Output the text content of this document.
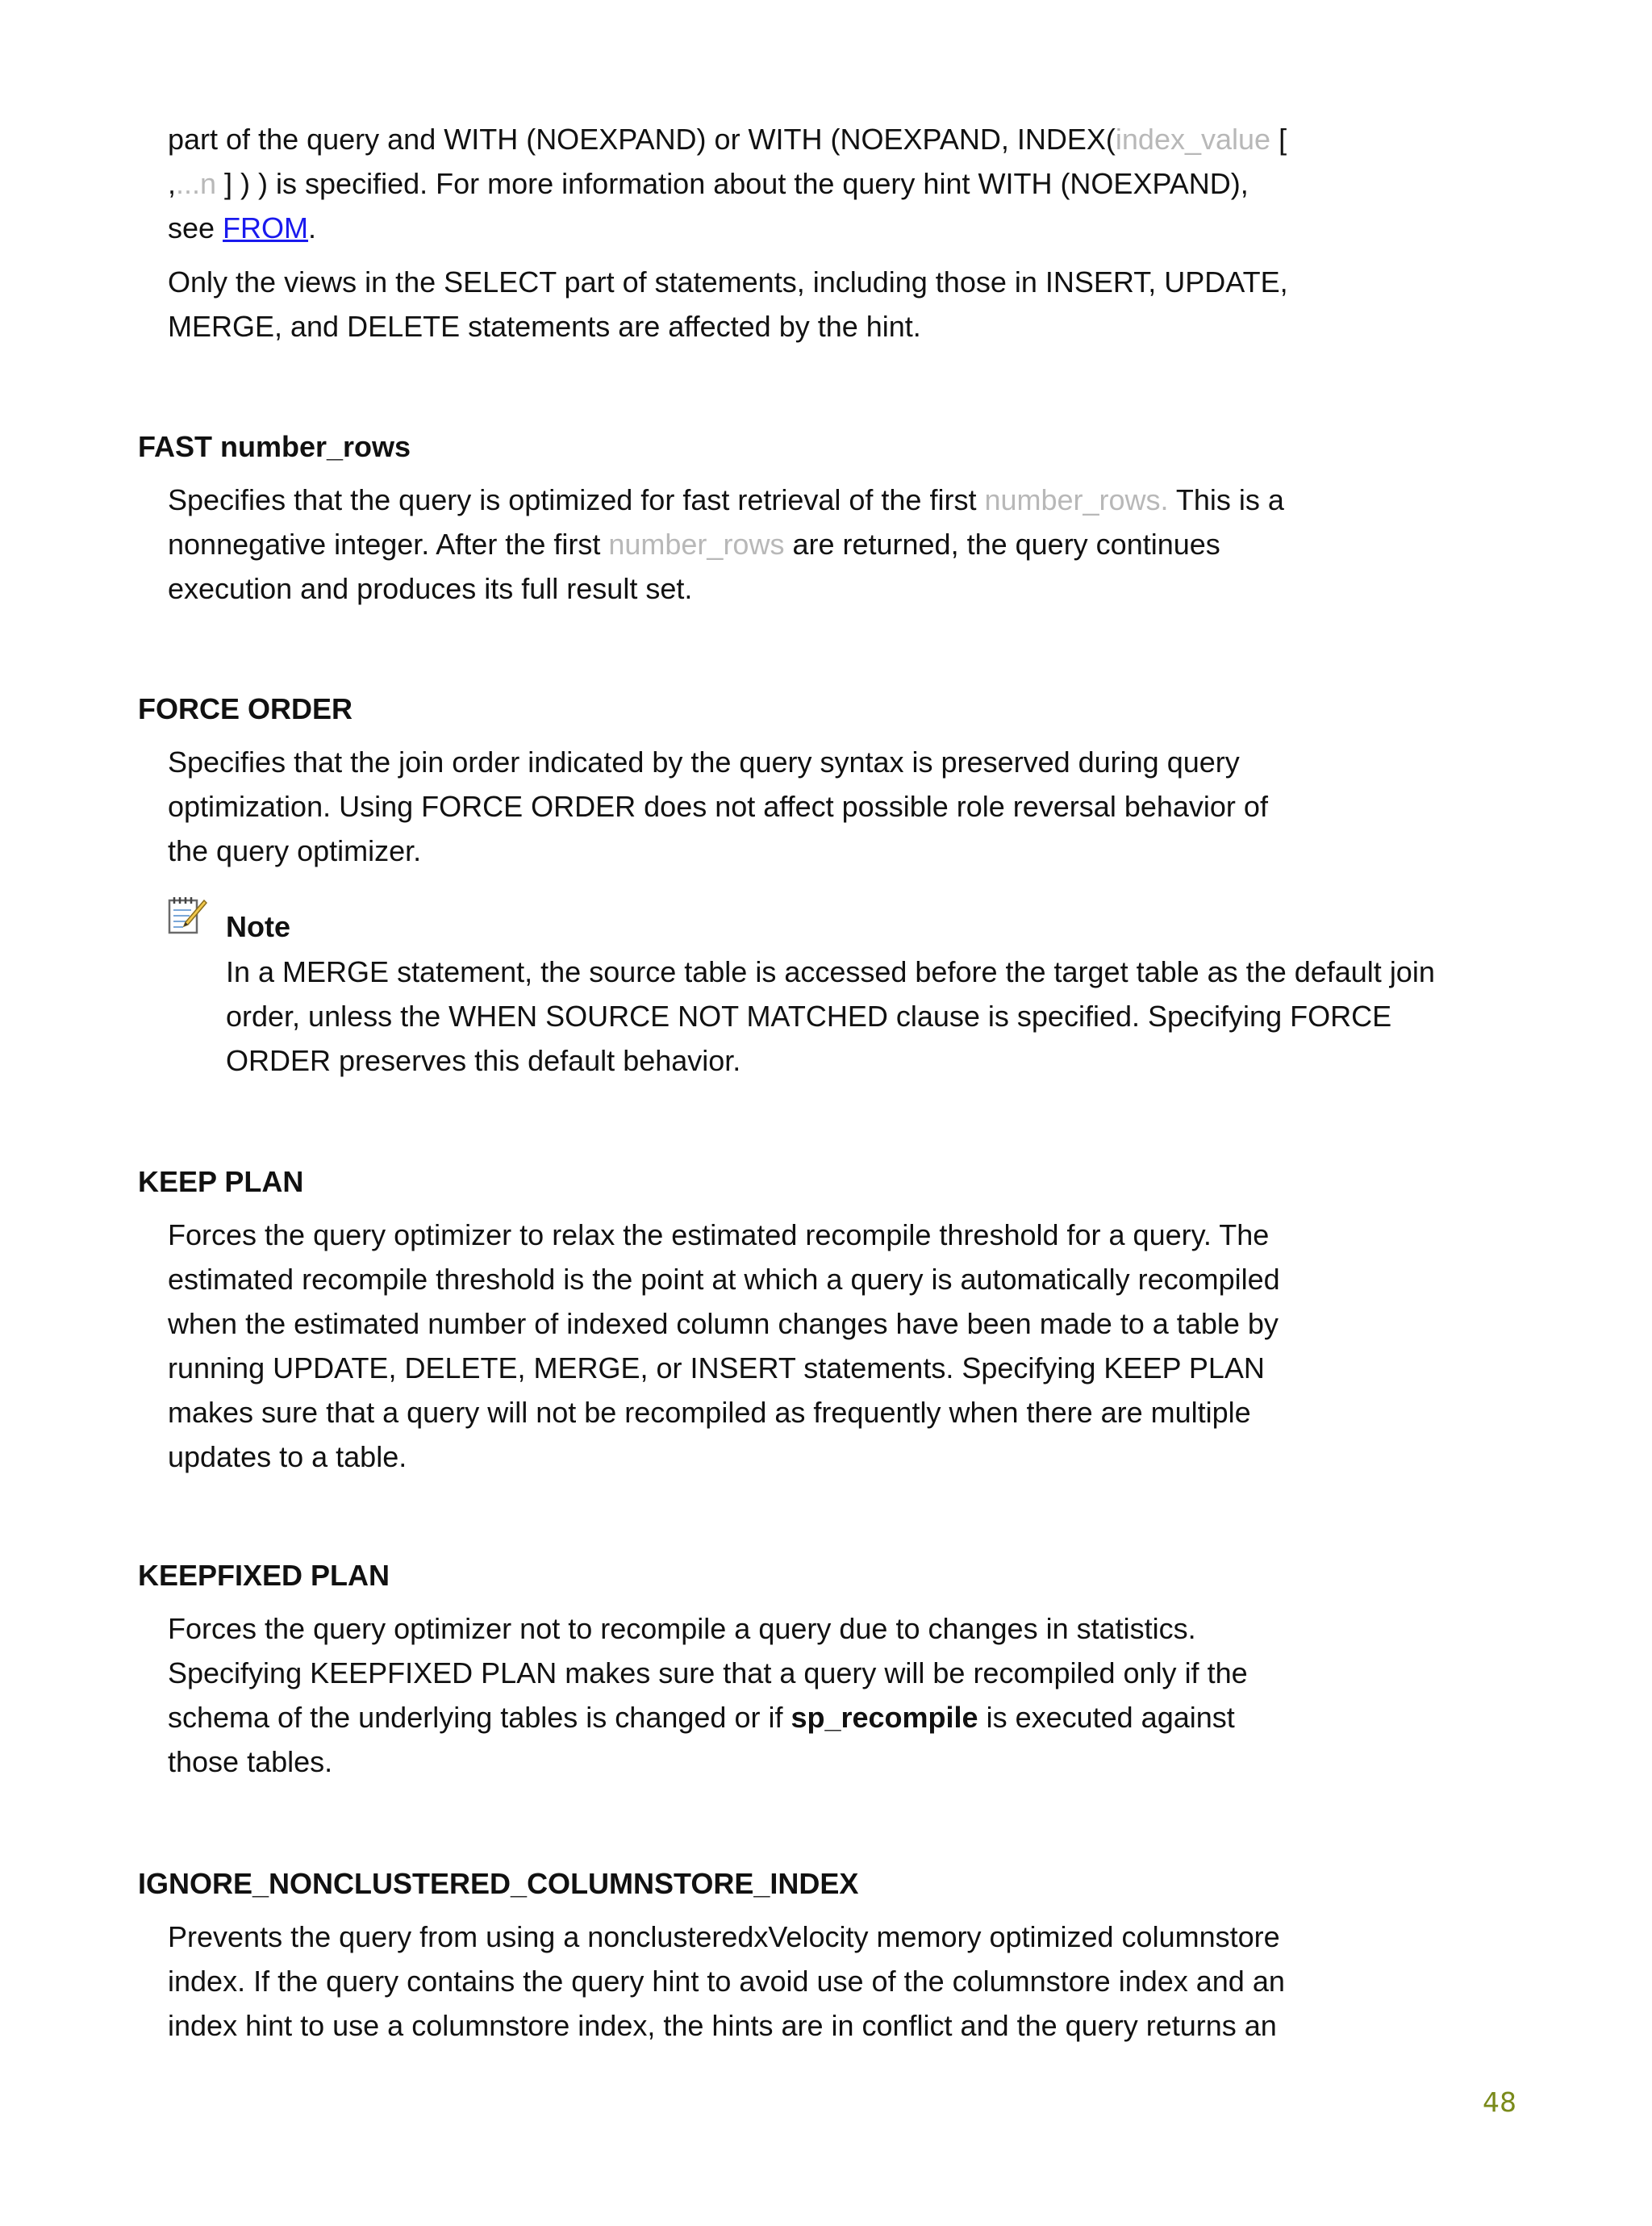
part of the query and WITH (NOEXPAND) or WITH (NOEXPAND, INDEX(index_value [
,...n ] ) ) is specified. For more information about the query hint WITH (NOEXPAND),
see FROM.

Only the views in the SELECT part of statements, including those in INSERT, UPDATE, MERGE, and DELETE statements are affected by the hint.

FAST number_rows

Specifies that the query is optimized for fast retrieval of the first number_rows. This is a nonnegative integer. After the first number_rows are returned, the query continues execution and produces its full result set.

FORCE ORDER

Specifies that the join order indicated by the query syntax is preserved during query optimization. Using FORCE ORDER does not affect possible role reversal behavior of the query optimizer.

Note

In a MERGE statement, the source table is accessed before the target table as the default join order, unless the WHEN SOURCE NOT MATCHED clause is specified. Specifying FORCE ORDER preserves this default behavior.

KEEP PLAN

Forces the query optimizer to relax the estimated recompile threshold for a query. The estimated recompile threshold is the point at which a query is automatically recompiled when the estimated number of indexed column changes have been made to a table by running UPDATE, DELETE, MERGE, or INSERT statements. Specifying KEEP PLAN makes sure that a query will not be recompiled as frequently when there are multiple updates to a table.

KEEPFIXED PLAN

Forces the query optimizer not to recompile a query due to changes in statistics. Specifying KEEPFIXED PLAN makes sure that a query will be recompiled only if the schema of the underlying tables is changed or if sp_recompile is executed against those tables.

IGNORE_NONCLUSTERED_COLUMNSTORE_INDEX

Prevents the query from using a nonclusteredxVelocity memory optimized columnstore index. If the query contains the query hint to avoid use of the columnstore index and an index hint to use a columnstore index, the hints are in conflict and the query returns an

48
